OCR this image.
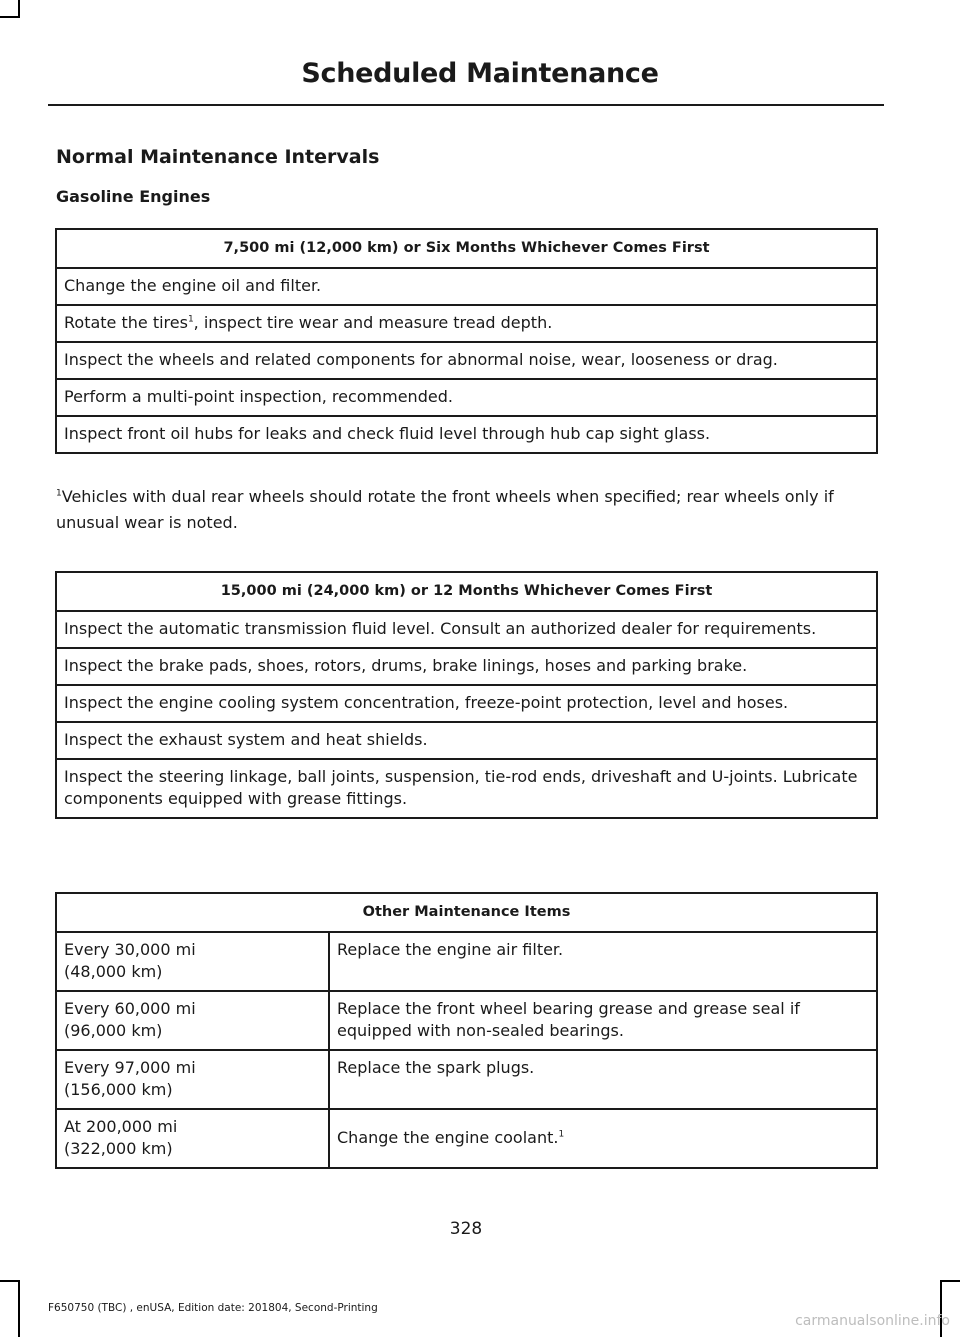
Scheduled Maintenance
Normal Maintenance Intervals
Gasoline Engines
7,500 mi (12,000 km) or Six Months Whichever Comes First
Change the engine oil and filter.
Rotate the tires$^1$, inspect tire wear and measure tread depth.
Inspect the wheels and related components for abnormal noise, wear, looseness or drag.
Perform a multi-point inspection, recommended.
Inspect front oil hubs for leaks and check fluid level through hub cap sight glass.
$^1$Vehicles with dual rear wheels should rotate the front wheels when specified; rear wheels only if unusual wear is noted.
15,000 mi (24,000 km) or 12 Months Whichever Comes First
Inspect the automatic transmission fluid level. Consult an authorized dealer for requirements.
Inspect the brake pads, shoes, rotors, drums, brake linings, hoses and parking brake.
Inspect the engine cooling system concentration, freeze-point protection, level and hoses.
Inspect the exhaust system and heat shields.
Inspect the steering linkage, ball joints, suspension, tie-rod ends, driveshaft and U-joints. Lubricate components equipped with grease fittings.
Other Maintenance Items	
Every 30,000 mi
(48,000 km)	Replace the engine air filter.
Every 60,000 mi
(96,000 km)	Replace the front wheel bearing grease and grease seal if equipped with non-sealed bearings.
Every 97,000 mi
(156,000 km)	Replace the spark plugs.
At 200,000 mi
(322,000 km)	Change the engine coolant.$^1$
328
F650750 (TBC) , enUSA, Edition date: 201804, Second-Printing
carmanualsonline.info
